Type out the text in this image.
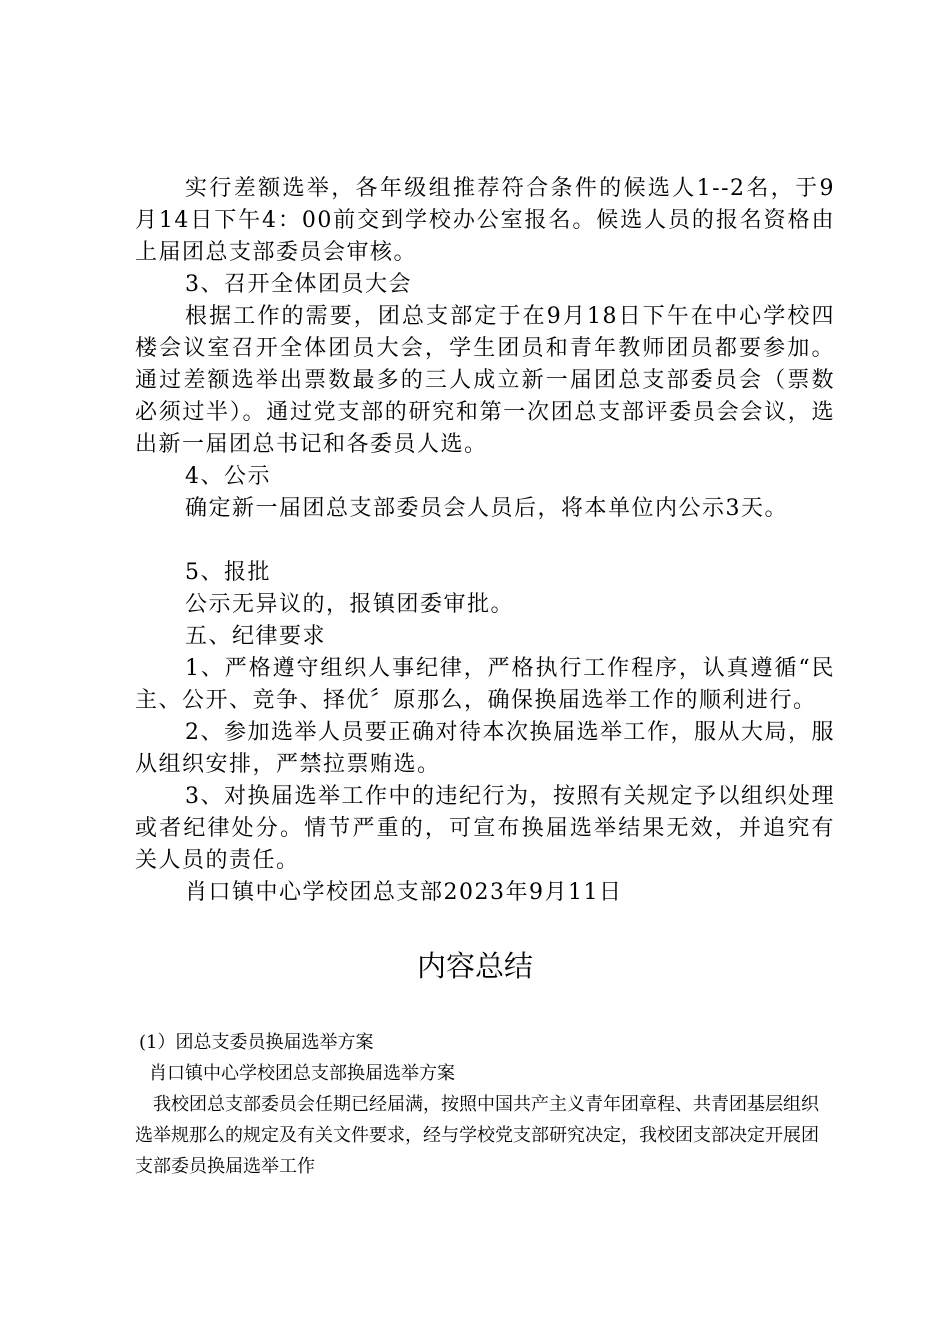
实行差额选举，各年级组推荐符合条件的候选人1--2名，于9月14日下午4：00前交到学校办公室报名。候选人员的报名资格由上届团总支部委员会审核。

3、召开全体团员大会

根据工作的需要，团总支部定于在9月18日下午在中心学校四楼会议室召开全体团员大会，学生团员和青年教师团员都要参加。通过差额选举出票数最多的三人成立新一届团总支部委员会（票数必须过半）。通过党支部的研究和第一次团总支部评委员会会议，选出新一届团总书记和各委员人选。

4、公示

确定新一届团总支部委员会人员后，将本单位内公示3天。

5、报批

公示无异议的，报镇团委审批。

五、纪律要求

1、严格遵守组织人事纪律，严格执行工作程序，认真遵循“民主、公开、竞争、择优〞原那么，确保换届选举工作的顺利进行。

2、参加选举人员要正确对待本次换届选举工作，服从大局，服从组织安排，严禁拉票贿选。

3、对换届选举工作中的违纪行为，按照有关规定予以组织处理或者纪律处分。情节严重的，可宣布换届选举结果无效，并追究有关人员的责任。

肖口镇中心学校团总支部2023年9月11日

内容总结

(1）团总支委员换届选举方案

肖口镇中心学校团总支部换届选举方案

我校团总支部委员会任期已经届满，按照中国共产主义青年团章程、共青团基层组织选举规那么的规定及有关文件要求，经与学校党支部研究决定，我校团支部决定开展团支部委员换届选举工作
